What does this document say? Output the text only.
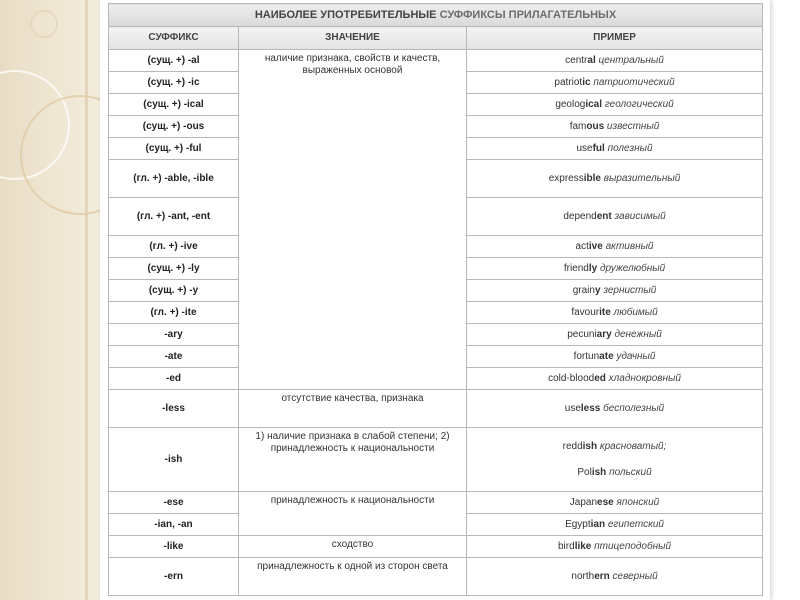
НАИБОЛЕЕ УПОТРЕБИТЕЛЬНЫЕ СУФФИКСЫ ПРИЛАГАТЕЛЬНЫХ		
СУФФИКС	ЗНАЧЕНИЕ	ПРИМЕР
(сущ. +) -al	наличие признака, свойств и качеств, выраженных основой	central центральный

(сущ. +) -ic		patriotic патриотический

(сущ. +) -ical		geological геологический

(сущ. +) -ous		famous известный

(сущ. +) -ful		useful полезный

(гл. +) -able, -ible		expressible выразительный

(гл. +) -ant, -ent		dependent зависимый

(гл. +) -ive		active активный

(сущ. +) -ly		friendly дружелюбный

(сущ. +) -y		grainy зернистый

(гл. +) -ite		favourite любимый

-ary		pecuniary денежный

-ate		fortunate удачный

-ed		cold-blooded хладнокровный

-less	отсутствие качества, признака	useless бесполезный

-ish	1) наличие признака в слабой степени; 2) принадлежность к национальности	reddish красноватый;
Polish польский

-ese	принадлежность к национальности	Japanese японский

-ian, -an		Egyptian египетский

-like	сходство	birdlike птицеподобный

-ern	принадлежность к одной из сторон света	northern северный
